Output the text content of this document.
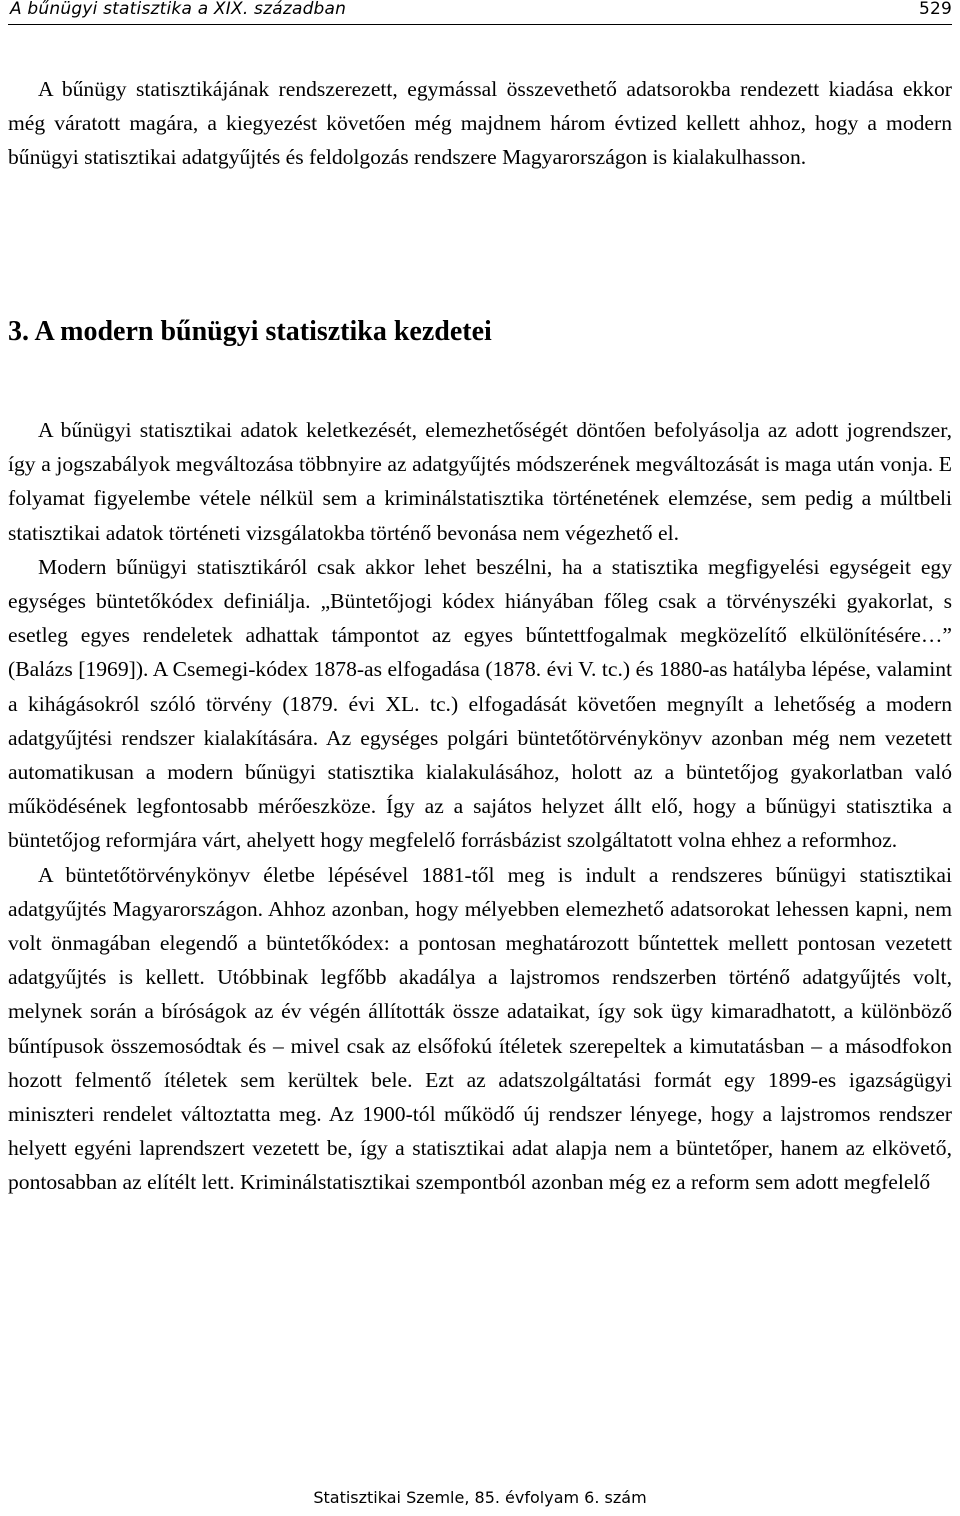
A bűnügyi statisztika a XIX. században	529

A bűnügy statisztikájának rendszerezett, egymással összevethető adatsorokba rendezett kiadása ekkor még váratott magára, a kiegyezést követően még majdnem három évtized kellett ahhoz, hogy a modern bűnügyi statisztikai adatgyűjtés és feldolgozás rendszere Magyarországon is kialakulhasson.

3. A modern bűnügyi statisztika kezdetei

A bűnügyi statisztikai adatok keletkezését, elemezhetőségét döntően befolyásolja az adott jogrendszer, így a jogszabályok megváltozása többnyire az adatgyűjtés módszerének megváltozását is maga után vonja. E folyamat figyelembe vétele nélkül sem a kriminálstatisztika történetének elemzése, sem pedig a múltbeli statisztikai adatok történeti vizsgálatokba történő bevonása nem végezhető el.

Modern bűnügyi statisztikáról csak akkor lehet beszélni, ha a statisztika megfigyelési egységeit egy egységes büntetőkódex definiálja. „Büntetőjogi kódex hiányában főleg csak a törvényszéki gyakorlat, s esetleg egyes rendeletek adhattak támpontot az egyes bűntettfogalmak megközelítő elkülönítésére…” (Balázs [1969]). A Csemegi-kódex 1878-as elfogadása (1878. évi V. tc.) és 1880-as hatályba lépése, valamint a kihágásokról szóló törvény (1879. évi XL. tc.) elfogadását követően megnyílt a lehetőség a modern adatgyűjtési rendszer kialakítására. Az egységes polgári büntetőtörvénykönyv azonban még nem vezetett automatikusan a modern bűnügyi statisztika kialakulásához, holott az a büntetőjog gyakorlatban való működésének legfontosabb mérőeszköze. Így az a sajátos helyzet állt elő, hogy a bűnügyi statisztika a büntetőjog reformjára várt, ahelyett hogy megfelelő forrásbázist szolgáltatott volna ehhez a reformhoz.

A büntetőtörvénykönyv életbe lépésével 1881-től meg is indult a rendszeres bűnügyi statisztikai adatgyűjtés Magyarországon. Ahhoz azonban, hogy mélyebben elemezhető adatsorokat lehessen kapni, nem volt önmagában elegendő a büntetőkódex: a pontosan meghatározott bűntettek mellett pontosan vezetett adatgyűjtés is kellett. Utóbbinak legfőbb akadálya a lajstromos rendszerben történő adatgyűjtés volt, melynek során a bíróságok az év végén állították össze adataikat, így sok ügy kimaradhatott, a különböző bűntípusok összemosódtak és – mivel csak az elsőfokú ítéletek szerepeltek a kimutatásban – a másodfokon hozott felmentő ítéletek sem kerültek bele. Ezt az adatszolgáltatási formát egy 1899-es igazságügyi miniszteri rendelet változtatta meg. Az 1900-tól működő új rendszer lényege, hogy a lajstromos rendszer helyett egyéni laprendszert vezetett be, így a statisztikai adat alapja nem a büntetőper, hanem az elkövető, pontosabban az elítélt lett. Kriminálstatisztikai szempontból azonban még ez a reform sem adott megfelelő

Statisztikai Szemle, 85. évfolyam 6. szám
